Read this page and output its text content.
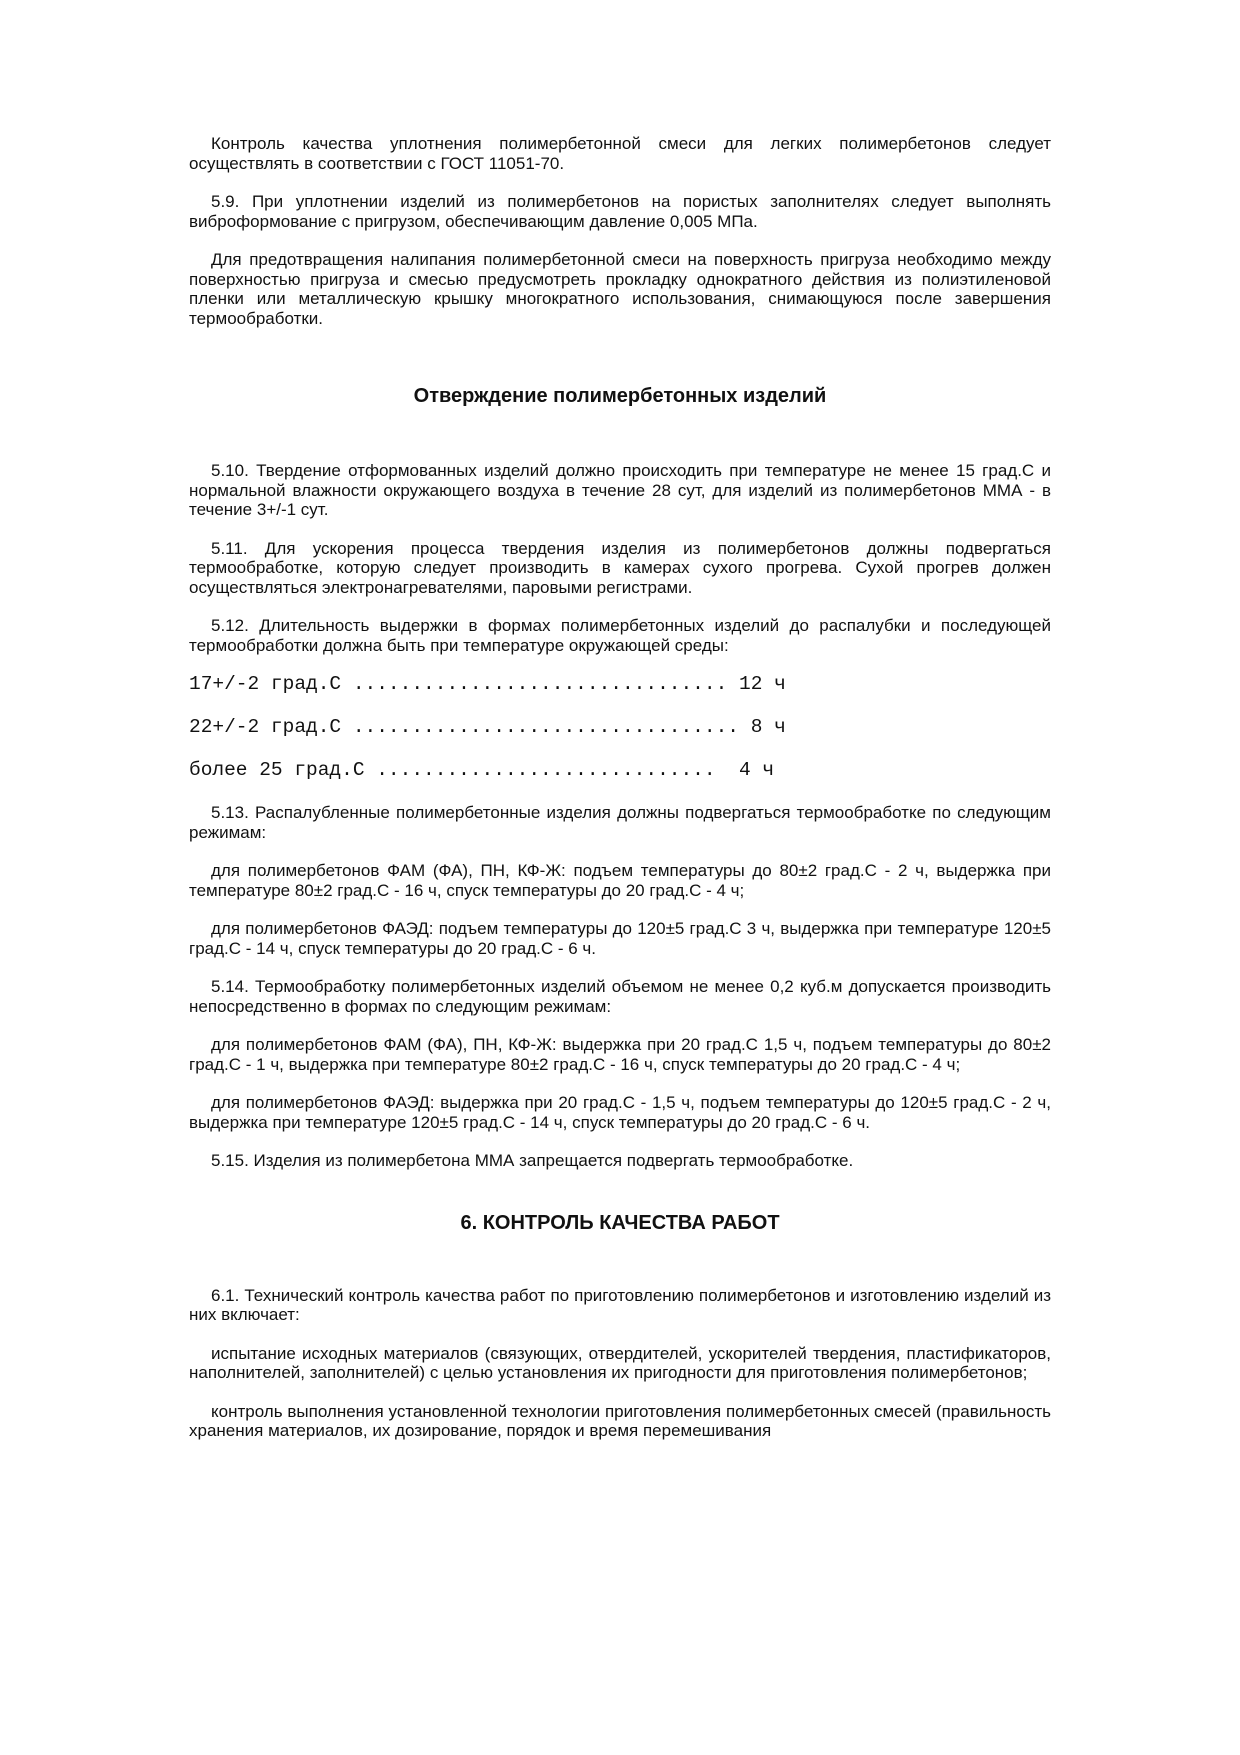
Контроль качества уплотнения полимербетонной смеси для легких полимербетонов следует осуществлять в соответствии с ГОСТ 11051-70.

5.9. При уплотнении изделий из полимербетонов на пористых заполнителях следует выполнять виброформование с пригрузом, обеспечивающим давление 0,005 МПа.

Для предотвращения налипания полимербетонной смеси на поверхность пригруза необходимо между поверхностью пригруза и смесью предусмотреть прокладку однократного действия из полиэтиленовой пленки или металлическую крышку многократного использования, снимающуюся после завершения термообработки.

Отверждение полимербетонных изделий

5.10. Твердение отформованных изделий должно происходить при температуре не менее 15 град.С и нормальной влажности окружающего воздуха в течение 28 сут, для изделий из полимербетонов ММА - в течение 3+/-1 сут.

5.11. Для ускорения процесса твердения изделия из полимербетонов должны подвергаться термообработке, которую следует производить в камерах сухого прогрева. Сухой прогрев должен осуществляться электронагревателями, паровыми регистрами.

5.12. Длительность выдержки в формах полимербетонных изделий до распалубки и последующей термообработки должна быть при температуре окружающей среды:

17+/-2 град.С ................................ 12 ч

22+/-2 град.С ................................. 8 ч

более 25 град.С .............................  4 ч

5.13. Распалубленные полимербетонные изделия должны подвергаться термообработке по следующим режимам:

для полимербетонов ФАМ (ФА), ПН, КФ-Ж: подъем температуры до 80±2 град.С - 2 ч, выдержка при температуре 80±2 град.С - 16 ч, спуск температуры до 20 град.С - 4 ч;

для полимербетонов ФАЭД: подъем температуры до 120±5 град.С 3 ч, выдержка при температуре 120±5 град.С - 14 ч, спуск температуры до 20 град.С - 6 ч.

5.14. Термообработку полимербетонных изделий объемом не менее 0,2 куб.м допускается производить непосредственно в формах по следующим режимам:

для полимербетонов ФАМ (ФА), ПН, КФ-Ж: выдержка при 20 град.С 1,5 ч, подъем температуры до 80±2 град.С - 1 ч, выдержка при температуре 80±2 град.С - 16 ч, спуск температуры до 20 град.С - 4 ч;

для полимербетонов ФАЭД: выдержка при 20 град.С - 1,5 ч, подъем температуры до 120±5 град.С - 2 ч, выдержка при температуре 120±5 град.С - 14 ч, спуск температуры до 20 град.С - 6 ч.

5.15. Изделия из полимербетона ММА запрещается подвергать термообработке.

6. КОНТРОЛЬ КАЧЕСТВА РАБОТ

6.1. Технический контроль качества работ по приготовлению полимербетонов и изготовлению изделий из них включает:

испытание исходных материалов (связующих, отвердителей, ускорителей твердения, пластификаторов, наполнителей, заполнителей) с целью установления их пригодности для приготовления полимербетонов;

контроль выполнения установленной технологии приготовления полимербетонных смесей (правильность хранения материалов, их дозирование, порядок и время перемешивания
